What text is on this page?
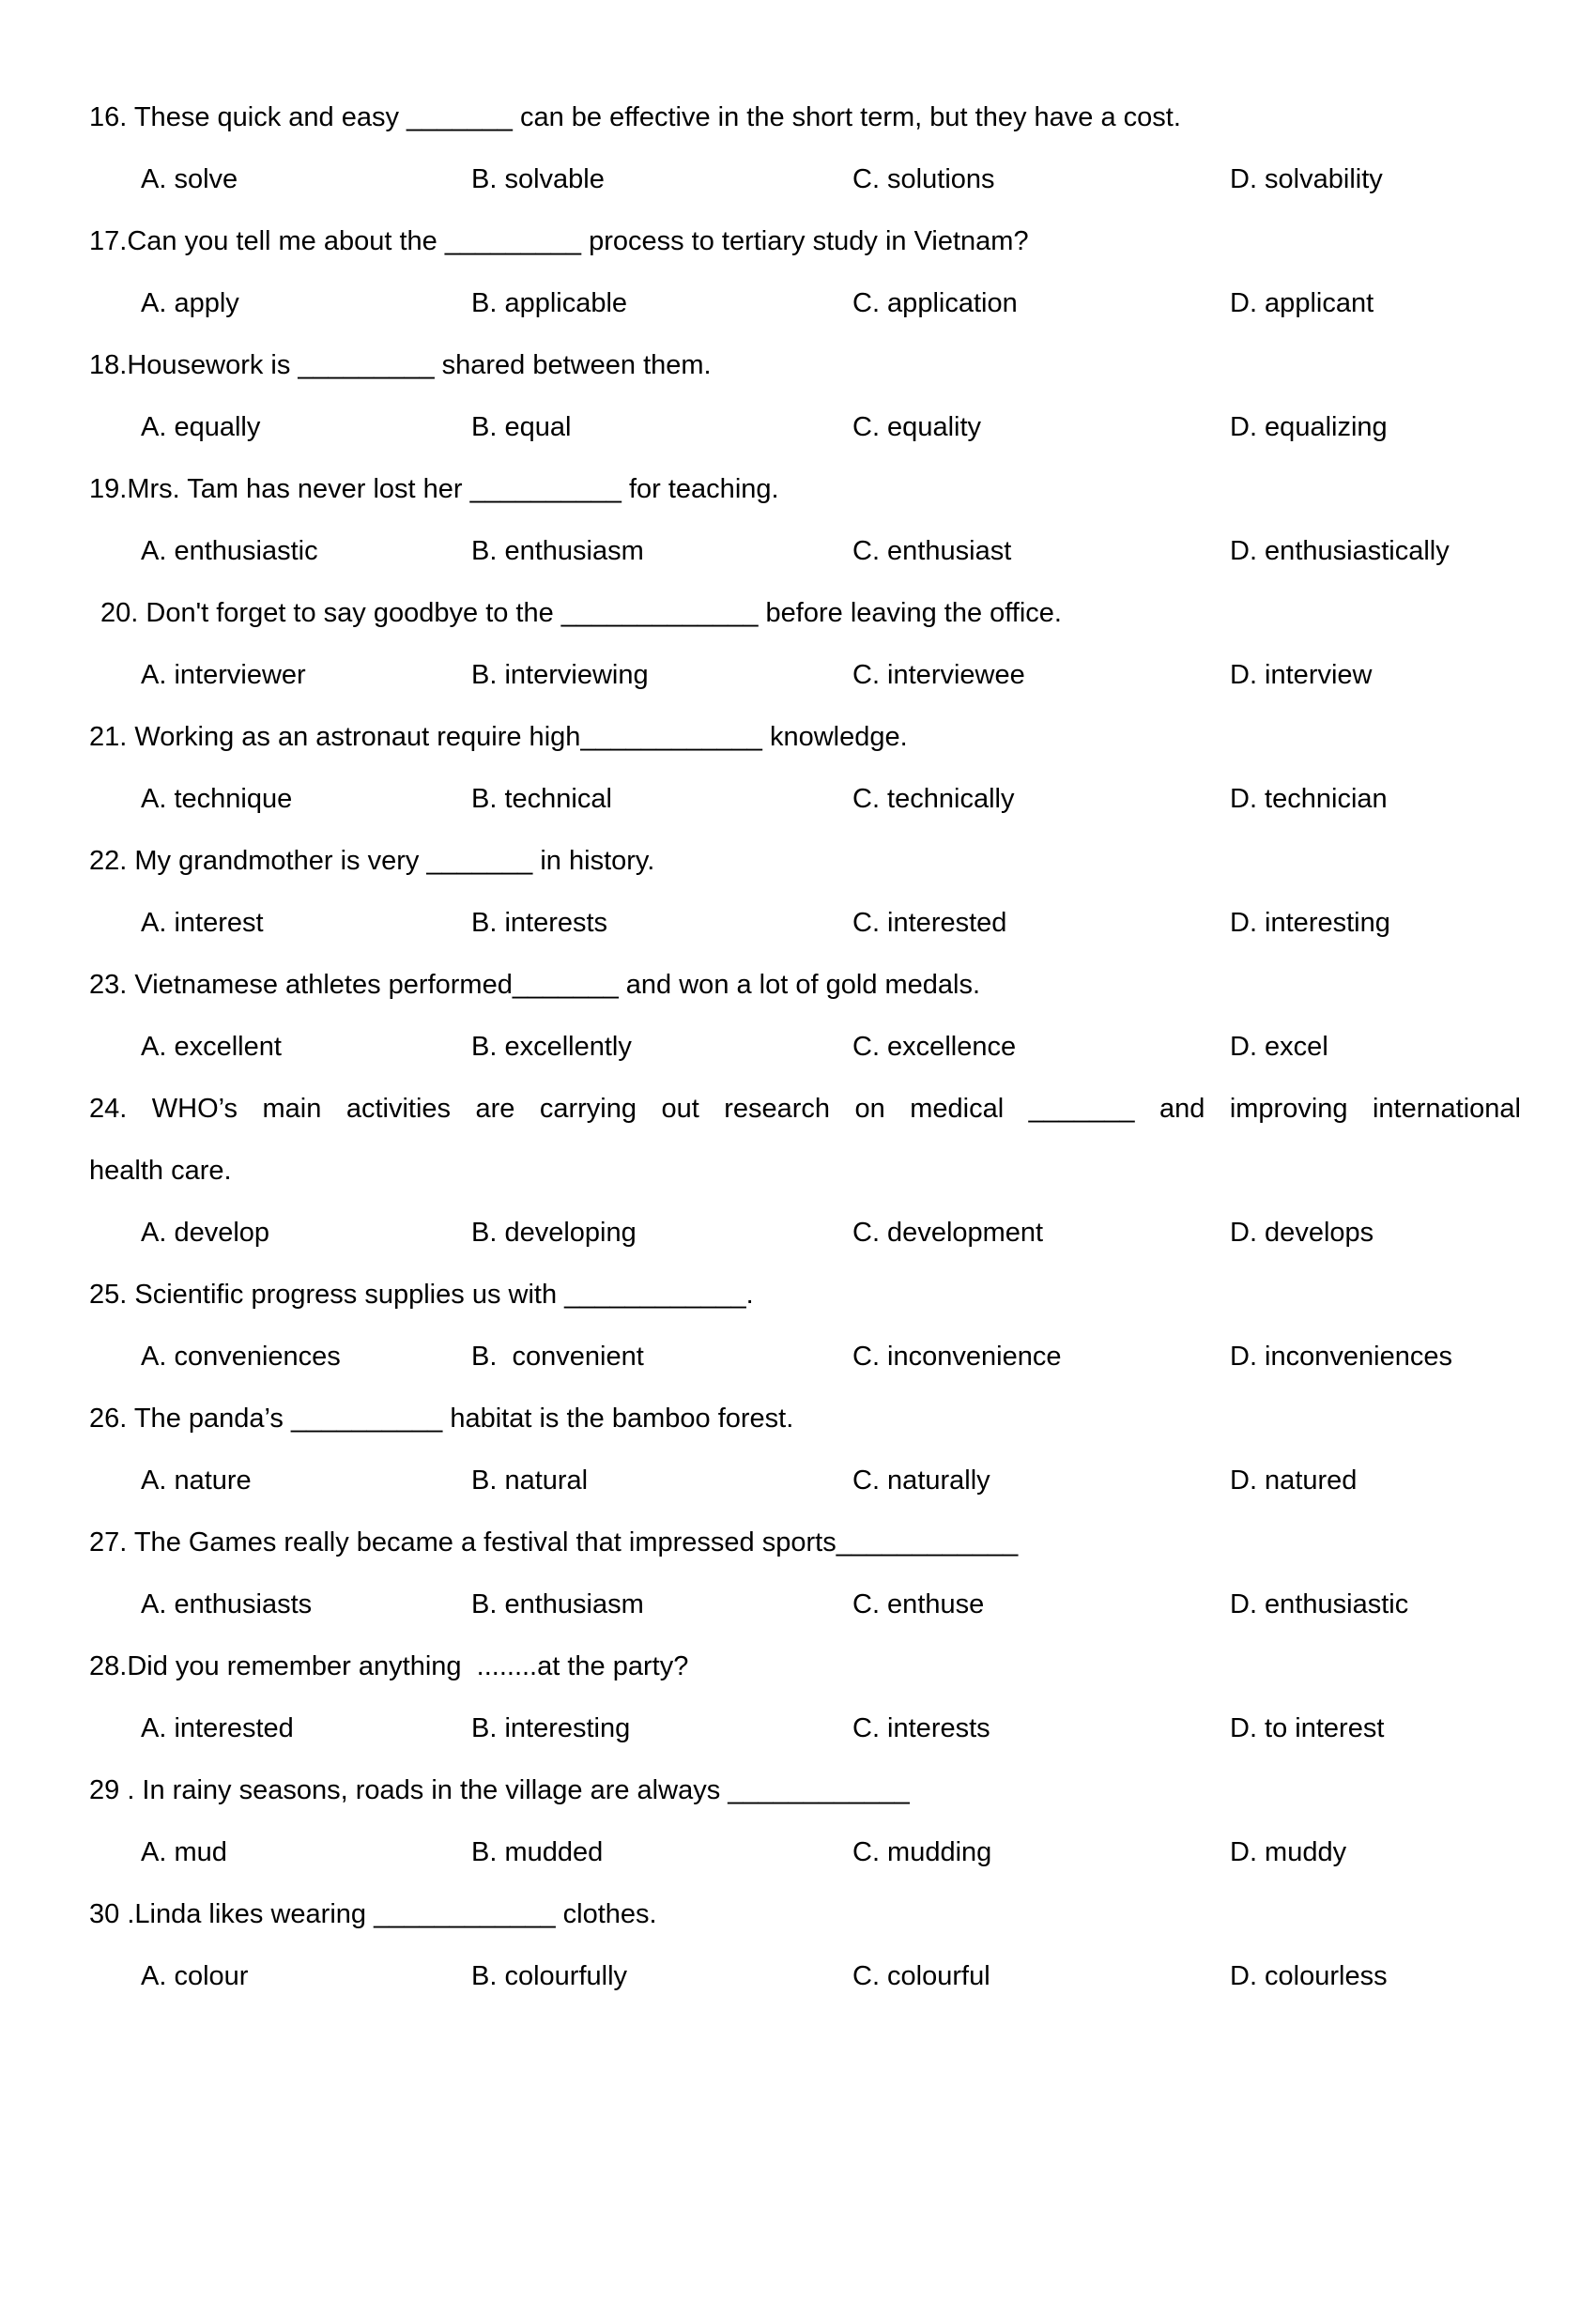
16. These quick and easy _______ can be effective in the short term, but they have a cost.

A. solve

	B. solvable

	C. solutions

	D. solvability

17.Can you tell me about the _________ process to tertiary study in Vietnam?

A. apply

	B. applicable

	C. application

	D. applicant

18.Housework is _________ shared between them.

A. equally

	B. equal

	C. equality

	D. equalizing

19.Mrs. Tam has never lost her __________ for teaching.

A. enthusiastic

	B. enthusiasm

	C. enthusiast

	D. enthusiastically

20. Don't forget to say goodbye to the _____________ before leaving the office.

A. interviewer

	B. interviewing

	C. interviewee

	D. interview

21. Working as an astronaut require high____________ knowledge.

A. technique

	B. technical

	C. technically

	D. technician

22. My grandmother is very _______ in history.

A. interest

	B. interests

	C. interested

	D. interesting

23. Vietnamese athletes performed_______ and won a lot of gold medals.

A. excellent

	B. excellently

	C. excellence

	D. excel

24. WHO’s main activities are carrying out research on medical _______ and improving international
health care.

A. develop

	B. developing

	C. development

	D. develops

25. Scientific progress supplies us with ____________.

A. conveniences

	B.  convenient

	C. inconvenience

	D. inconveniences

26. The panda’s __________ habitat is the bamboo forest.

A. nature

	B. natural

	C. naturally

	D. natured

27. The Games really became a festival that impressed sports____________

A. enthusiasts

	B. enthusiasm

	C. enthuse

	D. enthusiastic

28.Did you remember anything  ........at the party?

A. interested

	B. interesting

	C. interests

	D. to interest

29 . In rainy seasons, roads in the village are always ____________

A. mud

	B. mudded

	C. mudding

	D. muddy

30 .Linda likes wearing ____________ clothes.

A. colour

	B. colourfully

	C. colourful

	D. colourless
